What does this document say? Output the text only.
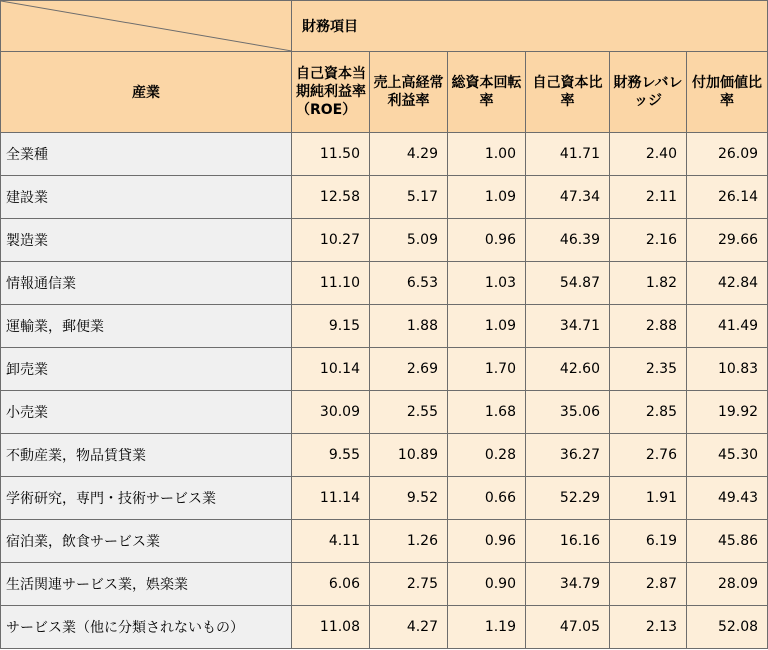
	財務項目					
産業	自己資本当期純利益率（ROE）	売上高経常利益率	総資本回転率	自己資本比率	財務レバレッジ	付加価値比率
全業種	11.50	4.29	1.00	41.71	2.40	26.09
建設業	12.58	5.17	1.09	47.34	2.11	26.14
製造業	10.27	5.09	0.96	46.39	2.16	29.66
情報通信業	11.10	6.53	1.03	54.87	1.82	42.84
運輸業，郵便業	9.15	1.88	1.09	34.71	2.88	41.49
卸売業	10.14	2.69	1.70	42.60	2.35	10.83
小売業	30.09	2.55	1.68	35.06	2.85	19.92
不動産業，物品賃貸業	9.55	10.89	0.28	36.27	2.76	45.30
学術研究，専門・技術サービス業	11.14	9.52	0.66	52.29	1.91	49.43
宿泊業，飲食サービス業	4.11	1.26	0.96	16.16	6.19	45.86
生活関連サービス業，娯楽業	6.06	2.75	0.90	34.79	2.87	28.09
サービス業（他に分類されないもの）	11.08	4.27	1.19	47.05	2.13	52.08
